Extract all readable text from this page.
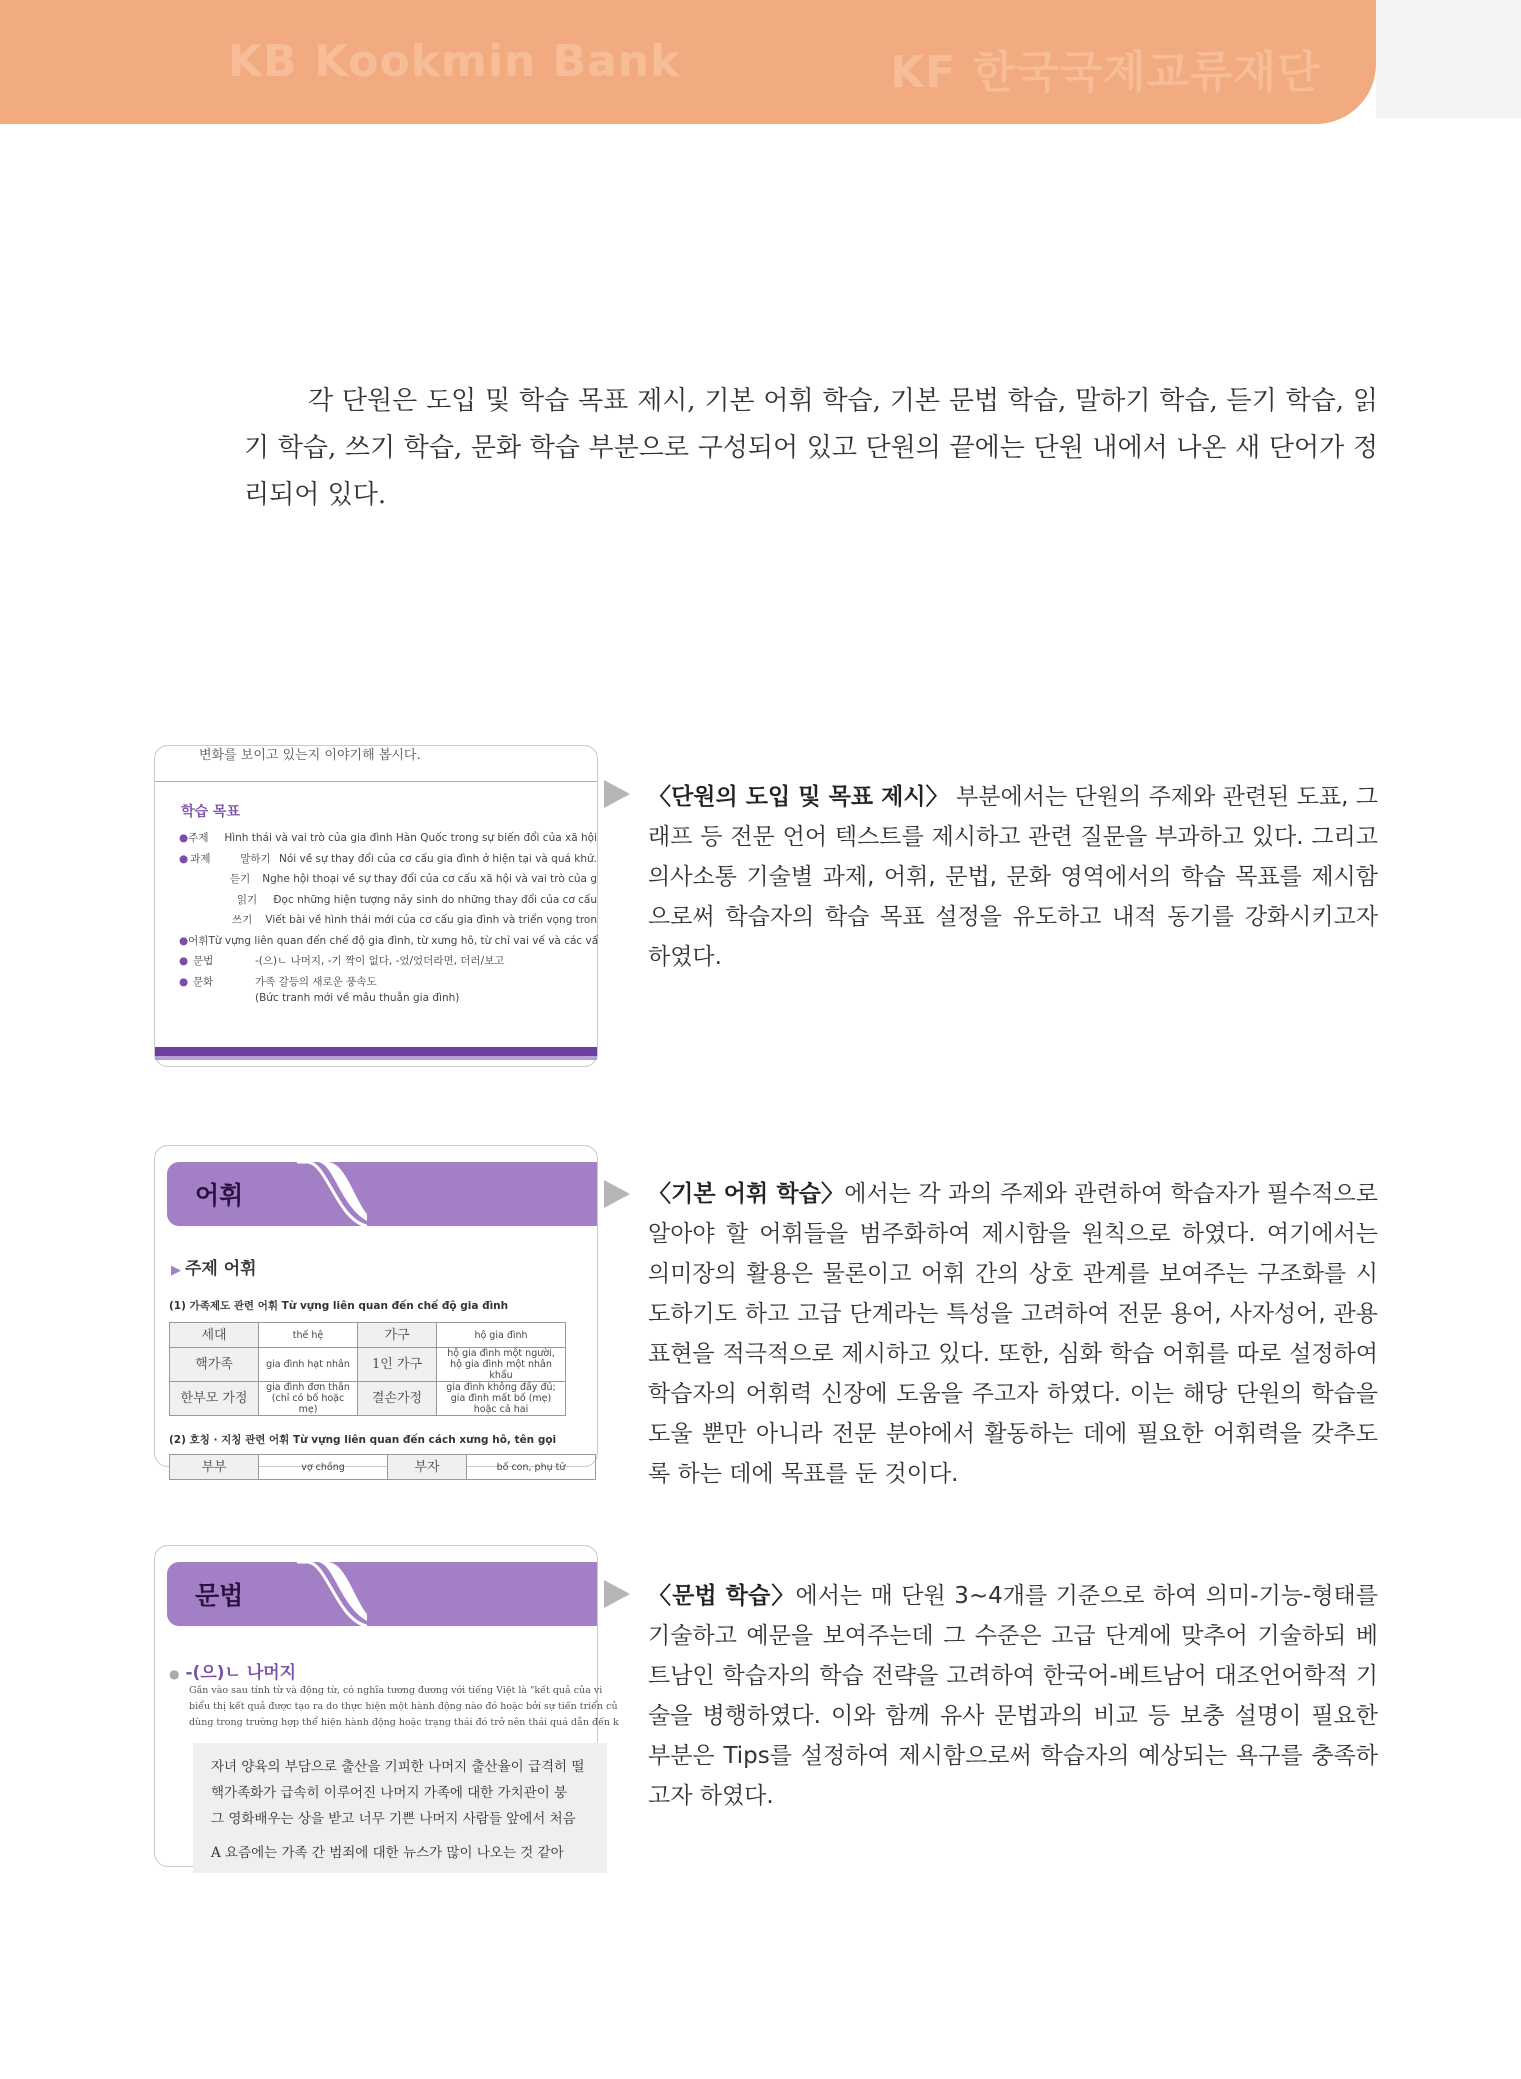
KB Kookmin Bank	KF 한국국제교류재단

각 단원은 도입 및 학습 목표 제시, 기본 어휘 학습, 기본 문법 학습, 말하기 학습, 듣기 학습, 읽기 학습, 쓰기 학습, 문화 학습 부분으로 구성되어 있고 단원의 끝에는 단원 내에서 나온 새 단어가 정리되어 있다.

변화를 보이고 있는지 이야기해 봅시다.
학습 목표
● 주제	Hình thái và vai trò của gia đình Hàn Quốc trong sự biến đổi của xã hội
● 과제	말하기 Nói về sự thay đổi của cơ cấu gia đình ở hiện tại và quá khứ.
듣기	Nghe hội thoại về sự thay đổi của cơ cấu xã hội và vai trò của g
읽기	Đọc những hiện tượng nảy sinh do những thay đổi của cơ cấu
쓰기	Viết bài về hình thái mới của cơ cấu gia đình và triển vọng tron
● 어휘 Từ vựng liên quan đến chế độ gia đình, từ xưng hô, từ chỉ vai vế và các vấ
● 문법	-(으)ㄴ 나머지, -기 짝이 없다, -었/었더라면, 더러/보고
● 문화	가족 갈등의 새로운 풍속도
(Bức tranh mới về mâu thuẫn gia đình)

〈단원의 도입 및 목표 제시〉 부분에서는 단원의 주제와 관련된 도표, 그래프 등 전문 언어 텍스트를 제시하고 관련 질문을 부과하고 있다. 그리고 의사소통 기술별 과제, 어휘, 문법, 문화 영역에서의 학습 목표를 제시함으로써 학습자의 학습 목표 설정을 유도하고 내적 동기를 강화시키고자 하였다.

어휘
▶ 주제 어휘
(1) 가족제도 관련 어휘 Từ vựng liên quan đến chế độ gia đình
세대	thế hệ	가구	hộ gia đình
핵가족	gia đình hạt nhân	1인 가구	hộ gia đình một người, hộ gia đình một nhân khẩu
한부모 가정	gia đình đơn thân (chỉ có bố hoặc mẹ)	결손가정	gia đình không đầy đủ; gia đình mất bố (mẹ) hoặc cả hai
(2) 호칭 · 지칭 관련 어휘 Từ vựng liên quan đến cách xưng hô, tên gọi
부부	vợ chồng	부자	bố con, phụ tử

〈기본 어휘 학습〉에서는 각 과의 주제와 관련하여 학습자가 필수적으로 알아야 할 어휘들을 범주화하여 제시함을 원칙으로 하였다. 여기에서는 의미장의 활용은 물론이고 어휘 간의 상호 관계를 보여주는 구조화를 시도하기도 하고 고급 단계라는 특성을 고려하여 전문 용어, 사자성어, 관용 표현을 적극적으로 제시하고 있다. 또한, 심화 학습 어휘를 따로 설정하여 학습자의 어휘력 신장에 도움을 주고자 하였다. 이는 해당 단원의 학습을 도울 뿐만 아니라 전문 분야에서 활동하는 데에 필요한 어휘력을 갖추도록 하는 데에 목표를 둔 것이다.

문법
● -(으)ㄴ 나머지
Gắn vào sau tính từ và động từ, có nghĩa tương đương với tiếng Việt là "kết quả của vi
biểu thị kết quả được tạo ra do thực hiện một hành động nào đó hoặc bởi sự tiến triển củ
dùng trong trường hợp thể hiện hành động hoặc trạng thái đó trở nên thái quá dẫn đến k
자녀 양육의 부담으로 출산을 기피한 나머지 출산율이 급격히 떨
핵가족화가 급속히 이루어진 나머지 가족에 대한 가치관이 붕
그 영화배우는 상을 받고 너무 기쁜 나머지 사람들 앞에서 처음
A 요즘에는 가족 간 범죄에 대한 뉴스가 많이 나오는 것 같아

〈문법 학습〉에서는 매 단원 3~4개를 기준으로 하여 의미-기능-형태를 기술하고 예문을 보여주는데 그 수준은 고급 단계에 맞추어 기술하되 베트남인 학습자의 학습 전략을 고려하여 한국어-베트남어 대조언어학적 기술을 병행하였다. 이와 함께 유사 문법과의 비교 등 보충 설명이 필요한 부분은 Tips를 설정하여 제시함으로써 학습자의 예상되는 욕구를 충족하고자 하였다.
